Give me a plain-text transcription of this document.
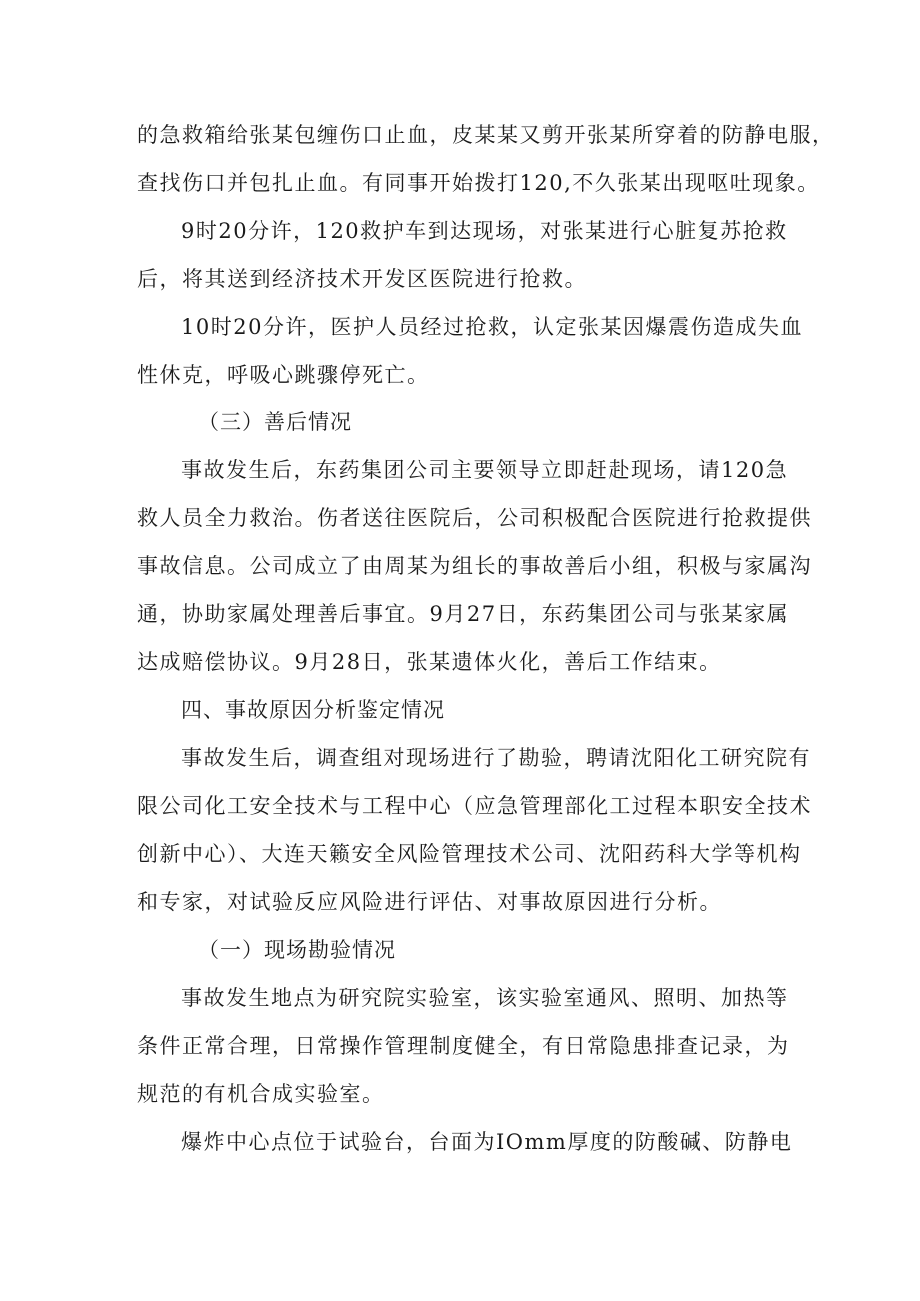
的急救箱给张某包缠伤口止血，皮某某又剪开张某所穿着的防静电服，
查找伤口并包扎止血。有同事开始拨打120,不久张某出现呕吐现象。
9时20分许，120救护车到达现场，对张某进行心脏复苏抢救
后，将其送到经济技术开发区医院进行抢救。
10时20分许，医护人员经过抢救，认定张某因爆震伤造成失血
性休克，呼吸心跳骤停死亡。
（三）善后情况
事故发生后，东药集团公司主要领导立即赶赴现场，请120急
救人员全力救治。伤者送往医院后，公司积极配合医院进行抢救提供
事故信息。公司成立了由周某为组长的事故善后小组，积极与家属沟
通，协助家属处理善后事宜。9月27日，东药集团公司与张某家属
达成赔偿协议。9月28日，张某遗体火化，善后工作结束。
四、事故原因分析鉴定情况
事故发生后，调查组对现场进行了勘验，聘请沈阳化工研究院有
限公司化工安全技术与工程中心（应急管理部化工过程本职安全技术
创新中心）、大连天籁安全风险管理技术公司、沈阳药科大学等机构
和专家，对试验反应风险进行评估、对事故原因进行分析。
（一）现场勘验情况
事故发生地点为研究院实验室，该实验室通风、照明、加热等
条件正常合理，日常操作管理制度健全，有日常隐患排查记录，为
规范的有机合成实验室。
爆炸中心点位于试验台，台面为IOmm厚度的防酸碱、防静电
